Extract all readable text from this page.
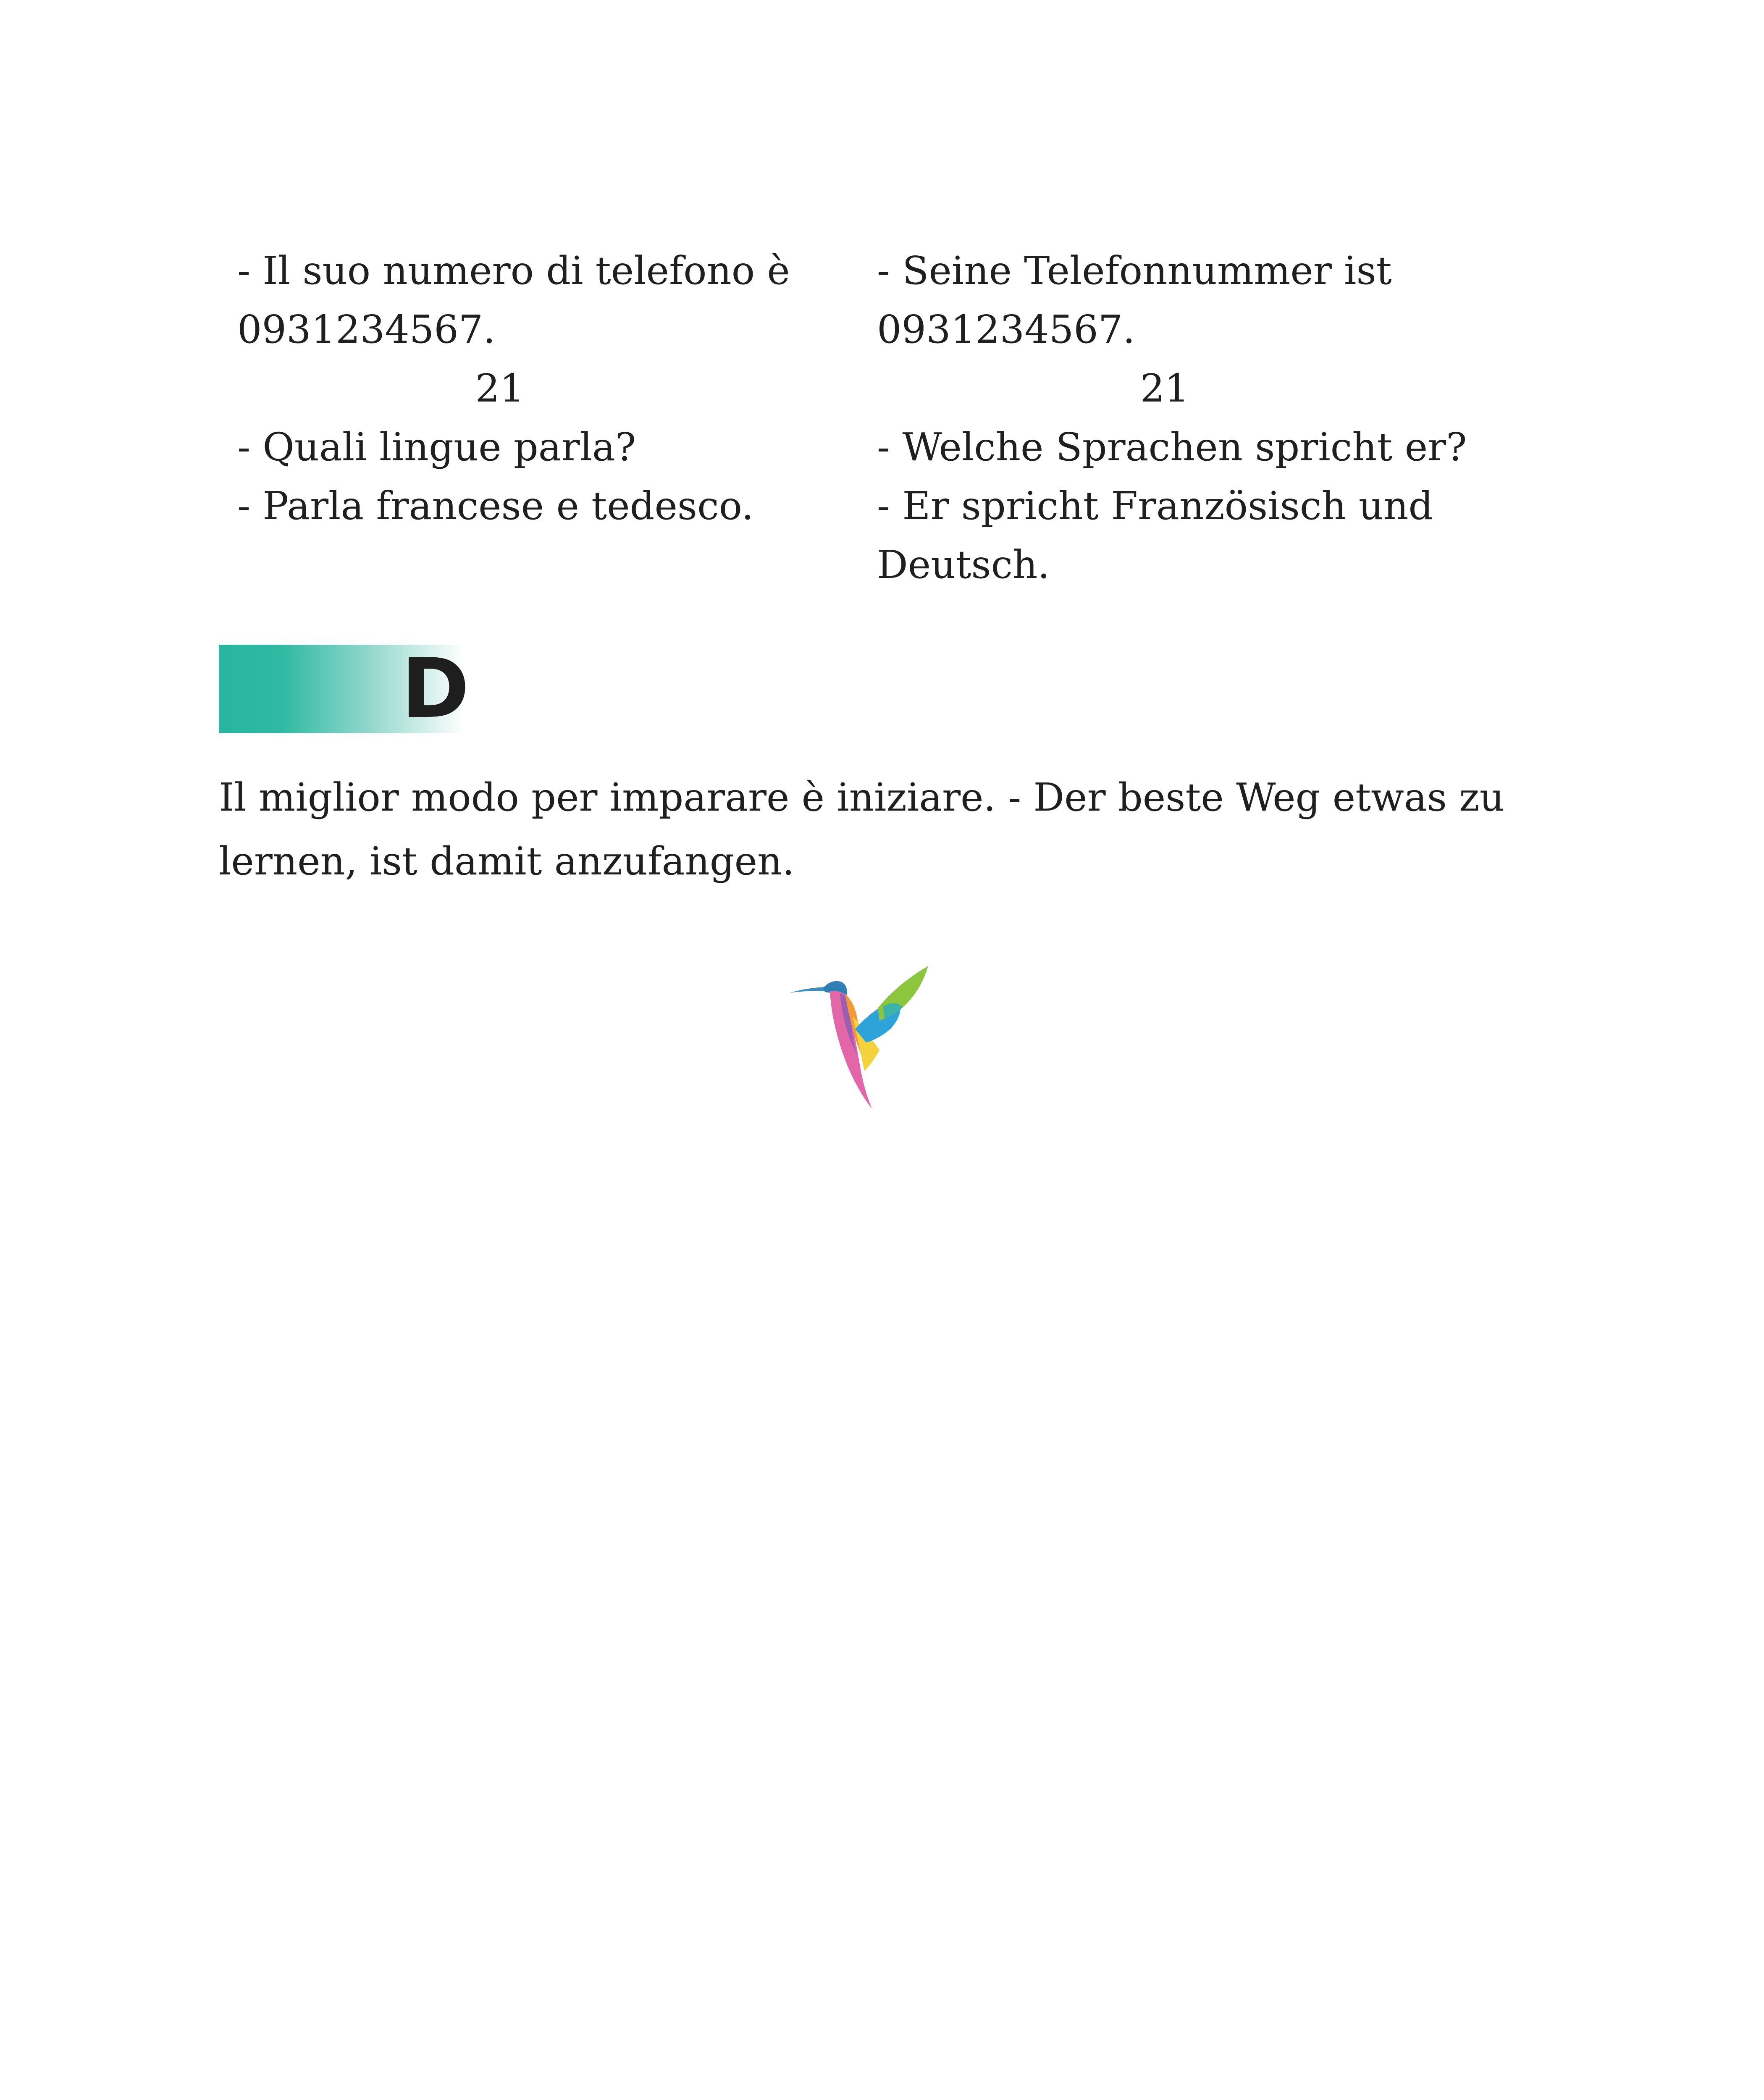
- Il suo numero di telefono è
0931234567.
21
- Quali lingue parla?
- Parla francese e tedesco.
- Seine Telefonnummer ist
0931234567.
21
- Welche Sprachen spricht er?
- Er spricht Französisch und
Deutsch.
D
Il miglior modo per imparare è iniziare. - Der beste Weg etwas zu
lernen, ist damit anzufangen.
